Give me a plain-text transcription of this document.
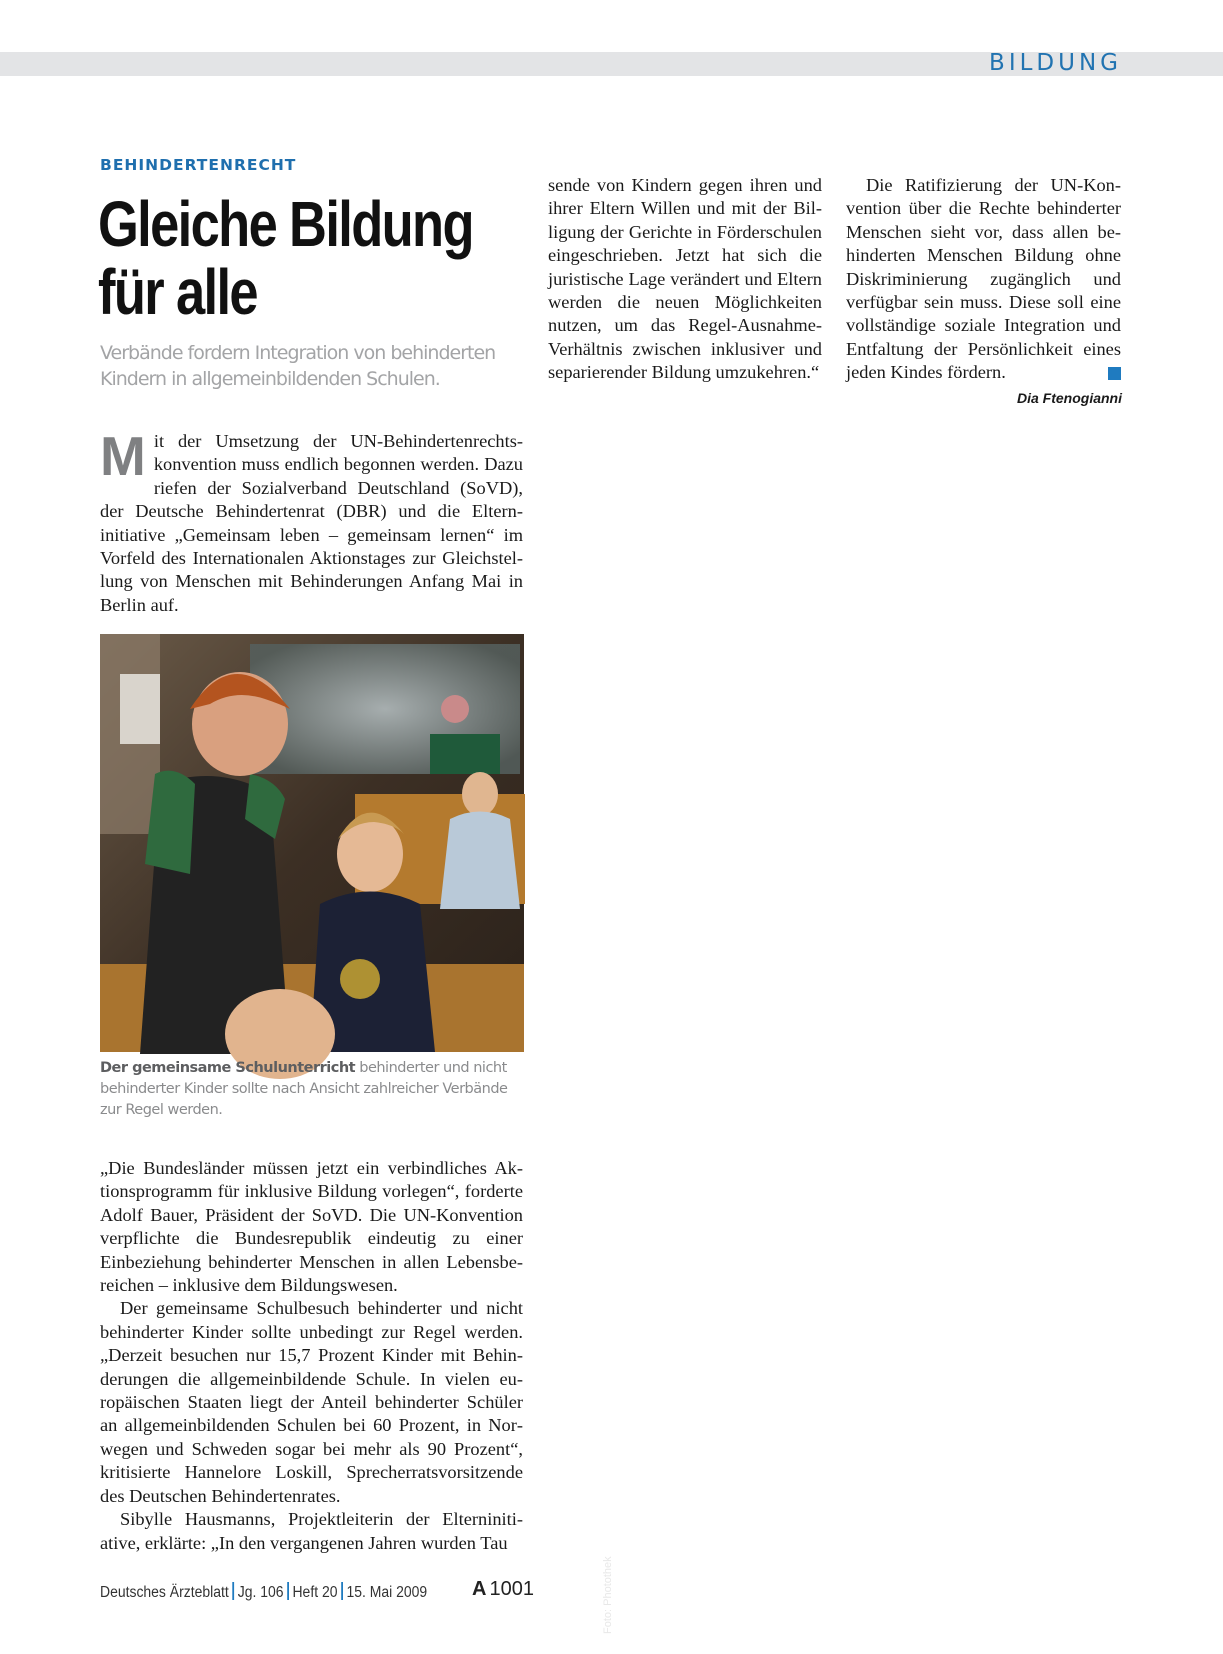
BILDUNG
BEHINDERTENRECHT
Gleiche Bildung
für alle
Verbände fordern Integration von behinderten Kindern in allgemeinbildenden Schulen.

Mit der Umsetzung der UN-Behindertenrechtskonvention muss endlich begonnen werden. Dazu riefen der Sozialverband Deutschland (SoVD), der Deutsche Behindertenrat (DBR) und die Elterninitiative „Gemeinsam leben – gemeinsam lernen“ im Vorfeld des Internationalen Aktionstages zur Gleichstellung von Menschen mit Behinderungen Anfang Mai in Berlin auf.

Foto: Photothek
Der gemeinsame Schulunterricht behinderter und nicht behinderter Kinder sollte nach Ansicht zahlreicher Verbände zur Regel werden.

„Die Bundesländer müssen jetzt ein verbindliches Aktionsprogramm für inklusive Bildung vorlegen“, forderte Adolf Bauer, Präsident der SoVD. Die UN-Konvention verpflichte die Bundesrepublik eindeutig zu einer Einbeziehung behinderter Menschen in allen Lebensbereichen – inklusive dem Bildungswesen.

Der gemeinsame Schulbesuch behinderter und nicht behinderter Kinder sollte unbedingt zur Regel werden. „Derzeit besuchen nur 15,7 Prozent Kinder mit Behinderungen die allgemeinbildende Schule. In vielen europäischen Staaten liegt der Anteil behinderter Schüler an allgemeinbildenden Schulen bei 60 Prozent, in Norwegen und Schweden sogar bei mehr als 90 Prozent“, kritisierte Hannelore Loskill, Sprecherratsvorsitzende des Deutschen Behindertenrates.

Sibylle Hausmanns, Projektleiterin der Elterninitiative, erklärte: „In den vergangenen Jahren wurden Tau

sende von Kindern gegen ihren und ihrer Eltern Willen und mit der Billigung der Gerichte in Förderschulen eingeschrieben. Jetzt hat sich die juristische Lage verändert und Eltern werden die neuen Möglichkeiten nutzen, um das Regel-Ausnahme-Verhältnis zwischen inklusiver und separierender Bildung umzukehren.“

Die Ratifizierung der UN-Konvention über die Rechte behinderter Menschen sieht vor, dass allen behinderten Menschen Bildung ohne Diskriminierung zugänglich und verfügbar sein muss. Diese soll eine vollständige soziale Integration und Entfaltung der Persönlichkeit eines jeden Kindes fördern.

Dia Ftenogianni
Deutsches Ärzteblatt Jg. 106 Heft 20 15. Mai 2009 A 1001
